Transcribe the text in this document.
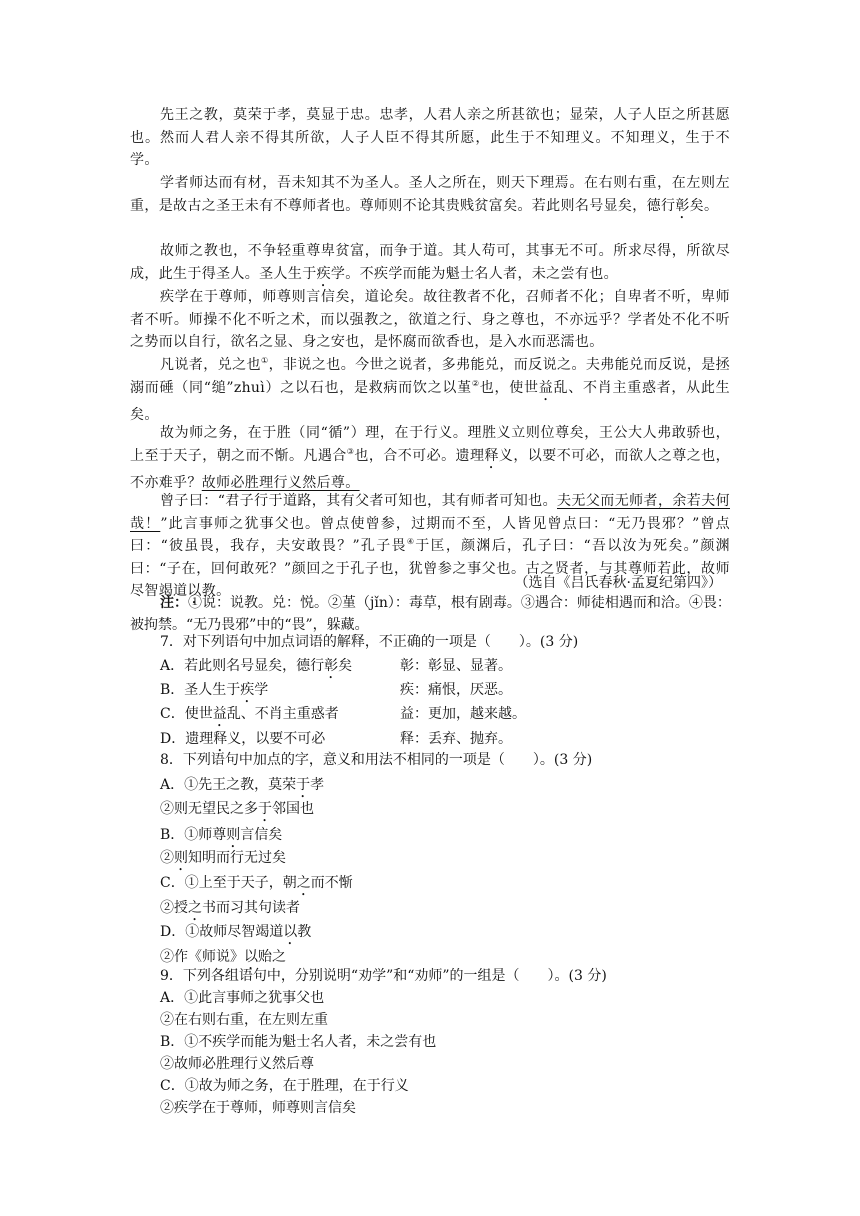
先王之教，莫荣于孝，莫显于忠。忠孝，人君人亲之所甚欲也；显荣，人子人臣之所甚愿也。然而人君人亲不得其所欲，人子人臣不得其所愿，此生于不知理义。不知理义，生于不学。

学者师达而有材，吾未知其不为圣人。圣人之所在，则天下理焉。在右则右重，在左则左重，是故古之圣王未有不尊师者也。尊师则不论其贵贱贫富矣。若此则名号显矣，德行彰矣。

故师之教也，不争轻重尊卑贫富，而争于道。其人苟可，其事无不可。所求尽得，所欲尽成，此生于得圣人。圣人生于疾学。不疾学而能为魁士名人者，未之尝有也。

疾学在于尊师，师尊则言信矣，道论矣。故往教者不化，召师者不化；自卑者不听，卑师者不听。师操不化不听之术，而以强教之，欲道之行、身之尊也，不亦远乎？学者处不化不听之势而以自行，欲名之显、身之安也，是怀腐而欲香也，是入水而恶濡也。

凡说者，兑之也①，非说之也。今世之说者，多弗能兑，而反说之。夫弗能兑而反说，是拯溺而硾（同“缒”zhuì）之以石也，是救病而饮之以堇②也，使世益乱、不肖主重惑者，从此生矣。

故为师之务，在于胜（同“循”）理，在于行义。理胜义立则位尊矣，王公大人弗敢骄也，上至于天子，朝之而不惭。凡遇合③也，合不可必。遗理释义，以要不可必，而欲人之尊之也，不亦难乎？故师必胜理行义然后尊。

曾子曰：“君子行于道路，其有父者可知也，其有师者可知也。夫无父而无师者，余若夫何哉！”此言事师之犹事父也。曾点使曾参，过期而不至，人皆见曾点曰：“无乃畏邪？”曾点曰：“彼虽畏，我存，夫安敢畏？”孔子畏④于匡，颜渊后，孔子曰：“吾以汝为死矣。”颜渊曰：“子在，回何敢死？”颜回之于孔子也，犹曾参之事父也。古之贤者，与其尊师若此，故师尽智竭道以教。

（选自《吕氏春秋·孟夏纪第四》）

注：①说：说教。兑：悦。②堇（jǐn）：毒草，根有剧毒。③遇合：师徒相遇而和洽。④畏：被拘禁。“无乃畏邪”中的“畏”，躲藏。

7．对下列语句中加点词语的解释，不正确的一项是（　　）。(3 分)
A．若此则名号显矣，德行彰矣	彰：彰显、显著。
B．圣人生于疾学	疾：痛恨，厌恶。
C．使世益乱、不肖主重惑者	益：更加，越来越。
D．遗理释义，以要不可必	释：丢弃、抛弃。
8．下列语句中加点的字，意义和用法不相同的一项是（　　）。(3 分)
A．①先王之教，莫荣于孝
②则无望民之多于邻国也
B．①师尊则言信矣
②则知明而行无过矣
C．①上至于天子，朝之而不惭
②授之书而习其句读者
D．①故师尽智竭道以教
②作《师说》以贻之
9．下列各组语句中，分别说明“劝学”和“劝师”的一组是（　　）。(3 分)
A．①此言事师之犹事父也
②在右则右重，在左则左重
B．①不疾学而能为魁士名人者，未之尝有也
②故师必胜理行义然后尊
C．①故为师之务，在于胜理，在于行义
②疾学在于尊师，师尊则言信矣
